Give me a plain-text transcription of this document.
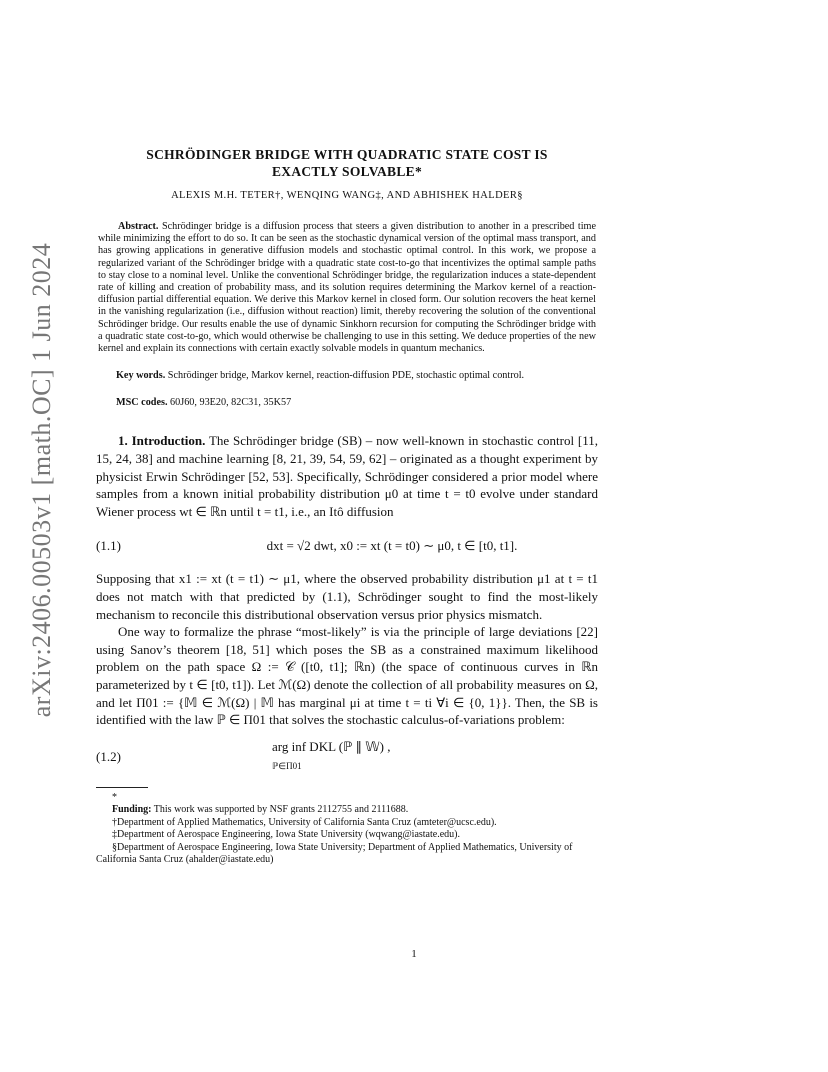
arXiv:2406.00503v1 [math.OC] 1 Jun 2024
SCHRÖDINGER BRIDGE WITH QUADRATIC STATE COST IS
EXACTLY SOLVABLE*
ALEXIS M.H. TETER†, WENQING WANG‡, AND ABHISHEK HALDER§

Abstract. Schrödinger bridge is a diffusion process that steers a given distribution to another in a prescribed time while minimizing the effort to do so. It can be seen as the stochastic dynamical version of the optimal mass transport, and has growing applications in generative diffusion models and stochastic optimal control. In this work, we propose a regularized variant of the Schrödinger bridge with a quadratic state cost-to-go that incentivizes the optimal sample paths to stay close to a nominal level. Unlike the conventional Schrödinger bridge, the regularization induces a state-dependent rate of killing and creation of probability mass, and its solution requires determining the Markov kernel of a reaction-diffusion partial differential equation. We derive this Markov kernel in closed form. Our solution recovers the heat kernel in the vanishing regularization (i.e., diffusion without reaction) limit, thereby recovering the solution of the conventional Schrödinger bridge. Our results enable the use of dynamic Sinkhorn recursion for computing the Schrödinger bridge with a quadratic state cost-to-go, which would otherwise be challenging to use in this setting. We deduce properties of the new kernel and explain its connections with certain exactly solvable models in quantum mechanics.

Key words. Schrödinger bridge, Markov kernel, reaction-diffusion PDE, stochastic optimal control.

MSC codes. 60J60, 93E20, 82C31, 35K57

1. Introduction. The Schrödinger bridge (SB) – now well-known in stochastic control [11, 15, 24, 38] and machine learning [8, 21, 39, 54, 59, 62] – originated as a thought experiment by physicist Erwin Schrödinger [52, 53]. Specifically, Schrödinger considered a prior model where samples from a known initial probability distribution μ0 at time t = t0 evolve under standard Wiener process wt ∈ ℝn until t = t1, i.e., an Itô diffusion

(1.1)	dxt = √2 dwt, x0 := xt (t = t0) ∼ μ0, t ∈ [t0, t1].

Supposing that x1 := xt (t = t1) ∼ μ1, where the observed probability distribution μ1 at t = t1 does not match with that predicted by (1.1), Schrödinger sought to find the most-likely mechanism to reconcile this distributional observation versus prior physics mismatch.

One way to formalize the phrase “most-likely” is via the principle of large deviations [22] using Sanov’s theorem [18, 51] which poses the SB as a constrained maximum likelihood problem on the path space Ω := 𝒞 ([t0, t1]; ℝn) (the space of continuous curves in ℝn parameterized by t ∈ [t0, t1]). Let ℳ(Ω) denote the collection of all probability measures on Ω, and let Π01 := {𝕄 ∈ ℳ(Ω) | 𝕄 has marginal μi at time t = ti ∀i ∈ {0, 1}}. Then, the SB is identified with the law ℙ ∈ Π01 that solves the stochastic calculus-of-variations problem:

(1.2)
arg inf DKL (ℙ ∥ 𝕎) ,
ℙ∈Π01

*

Funding: This work was supported by NSF grants 2112755 and 2111688.

†Department of Applied Mathematics, University of California Santa Cruz (amteter@ucsc.edu).

‡Department of Aerospace Engineering, Iowa State University (wqwang@iastate.edu).

§Department of Aerospace Engineering, Iowa State University; Department of Applied Mathematics, University of California Santa Cruz (ahalder@iastate.edu)

1
